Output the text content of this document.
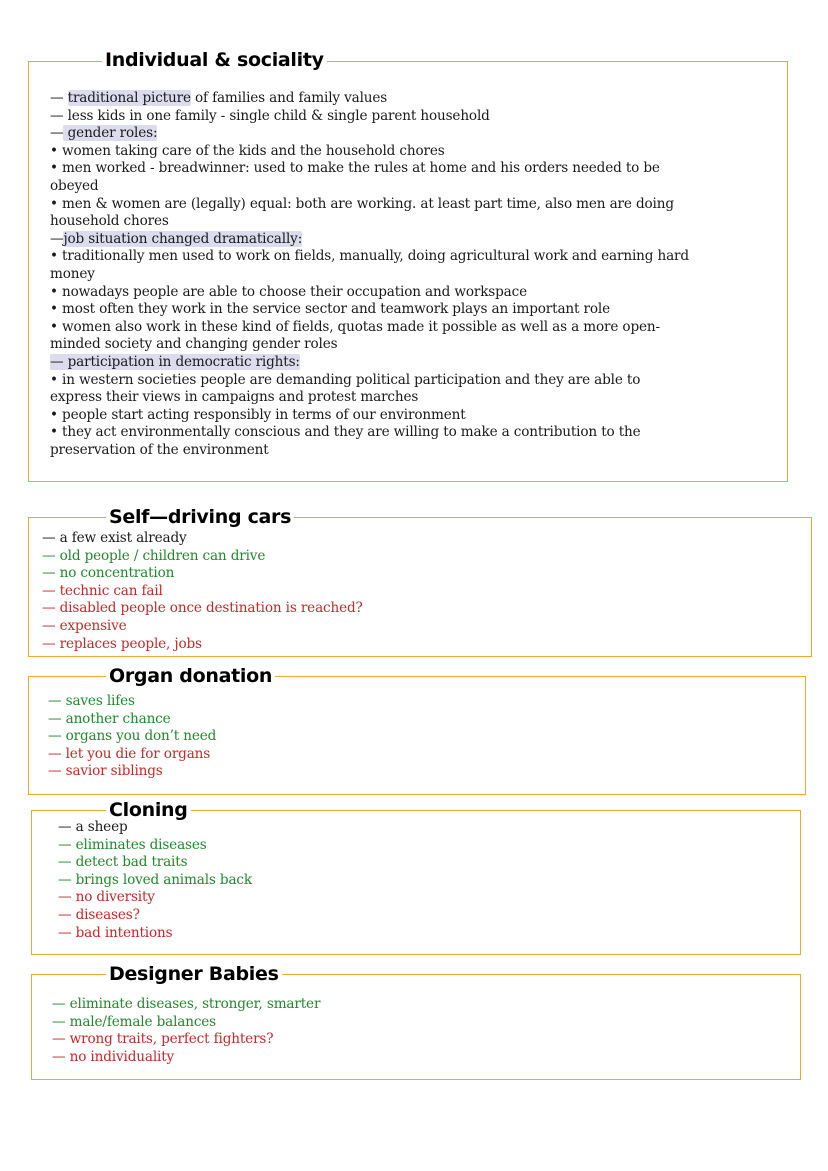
Individual & sociality
— traditional picture of families and family values
— less kids in one family - single child & single parent household
— gender roles:
• women taking care of the kids and the household chores
• men worked - breadwinner: used to make the rules at home and his orders needed to be
obeyed
• men & women are (legally) equal: both are working. at least part time, also men are doing
household chores
—job situation changed dramatically:
• traditionally men used to work on fields, manually, doing agricultural work and earning hard
money
• nowadays people are able to choose their occupation and workspace
• most often they work in the service sector and teamwork plays an important role
• women also work in these kind of fields, quotas made it possible as well as a more open-
minded society and changing gender roles
— participation in democratic rights:
• in western societies people are demanding political participation and they are able to
express their views in campaigns and protest marches
• people start acting responsibly in terms of our environment
• they act environmentally conscious and they are willing to make a contribution to the
preservation of the environment
Self—driving cars
— a few exist already
— old people / children can drive
— no concentration
— technic can fail
— disabled people once destination is reached?
— expensive
— replaces people, jobs
Organ donation
— saves lifes
— another chance
— organs you don’t need
— let you die for organs
— savior siblings
Cloning
— a sheep
— eliminates diseases
— detect bad traits
— brings loved animals back
— no diversity
— diseases?
— bad intentions
Designer Babies
— eliminate diseases, stronger, smarter
— male/female balances
— wrong traits, perfect fighters?
— no individuality
